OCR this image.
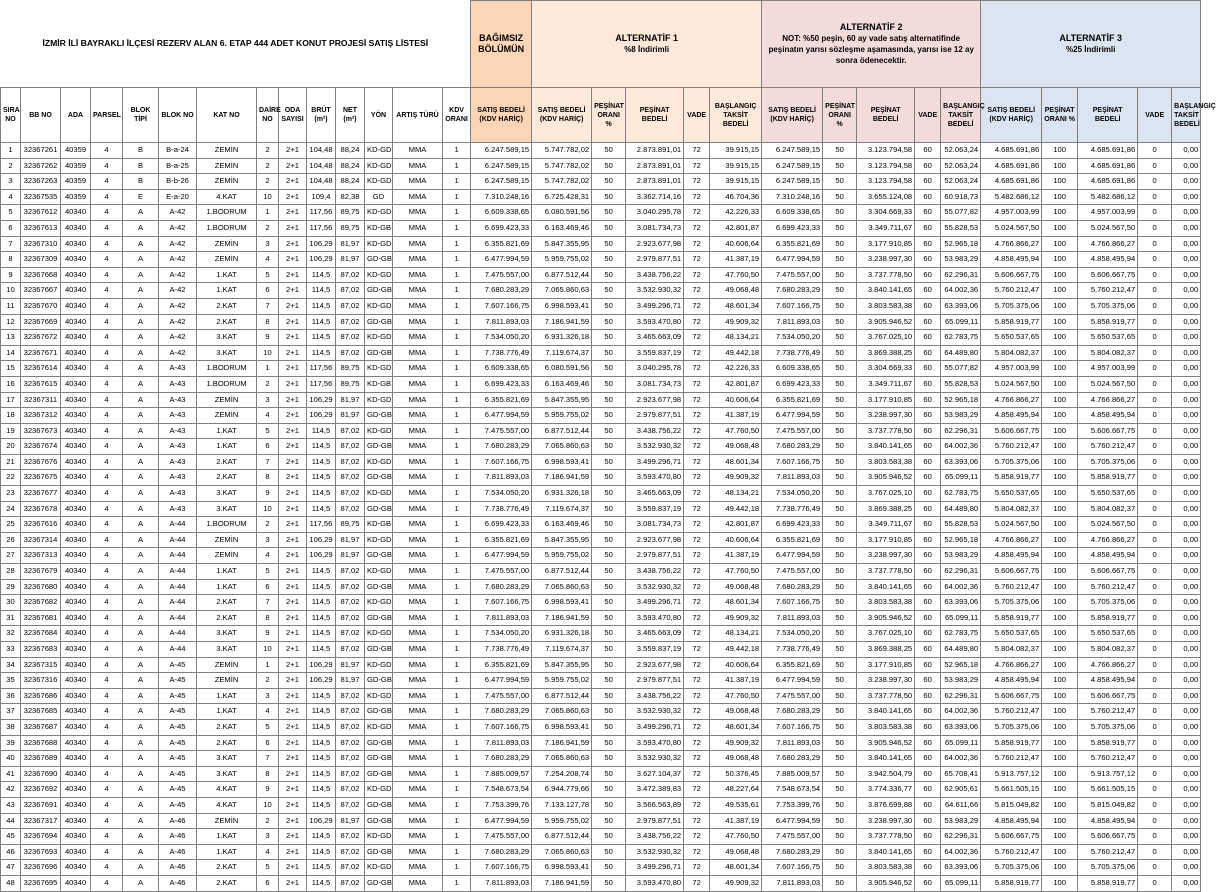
İZMİR İLİ BAYRAKLI İLÇESİ REZERV ALAN 6. ETAP 444 ADET KONUT PROJESİ SATIŞ LİSTESİ														BAĞIMSIZ BÖLÜMÜN	ALTERNATİF 1
%8 İndirimli					ALTERNATİF 2
NOT: %50 peşin, 60 ay vade satış alternatifinde peşinatın yarısı sözleşme aşamasında, yarısı ise 12 ay sonra ödenecektir.					ALTERNATİF 3
%25 İndirimli				

SIRA NO	BB NO	ADA	PARSEL	BLOK TİPİ	BLOK NO	KAT NO	DAİRE NO	ODA SAYISI	BRÜT (m²)	NET (m²)	YÖN	ARTIŞ TÜRÜ	KDV ORANI	SATIŞ BEDELİ (KDV HARİÇ)	SATIŞ BEDELİ (KDV HARİÇ)	PEŞİNAT ORANI %	PEŞİNAT BEDELİ	VADE	BAŞLANGIÇ TAKSİT BEDELİ	SATIŞ BEDELİ (KDV HARİÇ)	PEŞİNAT ORANI %	PEŞİNAT BEDELİ	VADE	BAŞLANGIÇ TAKSİT BEDELİ	SATIŞ BEDELİ (KDV HARİÇ)	PEŞİNAT ORANI %	PEŞİNAT BEDELİ	VADE	BAŞLANGIÇ TAKSİT BEDELİ
1	32367261	40359	4	B	B-a-24	ZEMİN	2	2+1	104,48	88,24	KD-GD	MMA	1	6.247.589,15	5.747.782,02	50	2.873.891,01	72	39.915,15	6.247.589,15	50	3.123.794,58	60	52.063,24	4.685.691,86	100	4.685.691,86	0	0,00
2	32367262	40359	4	B	B-a-25	ZEMİN	2	2+1	104,48	88,24	KD-GD	MMA	1	6.247.589,15	5.747.782,02	50	2.873.891,01	72	39.915,15	6.247.589,15	50	3.123.794,58	60	52.063,24	4.685.691,86	100	4.685.691,86	0	0,00
3	32367263	40359	4	B	B-b-26	ZEMİN	2	2+1	104,48	88,24	KD-GD	MMA	1	6.247.589,15	5.747.782,02	50	2.873.891,01	72	39.915,15	6.247.589,15	50	3.123.794,58	60	52.063,24	4.685.691,86	100	4.685.691,86	0	0,00
4	32367535	40359	4	E	E-a-20	4.KAT	10	2+1	109,4	82,38	GD	MMA	1	7.310.248,16	6.725.428,31	50	3.362.714,16	72	46.704,36	7.310.248,16	50	3.655.124,08	60	60.918,73	5.482.686,12	100	5.482.686,12	0	0,00
5	32367612	40340	4	A	A-42	1.BODRUM	1	2+1	117,56	89,75	KD-GD	MMA	1	6.609.338,65	6.080.591,56	50	3.040.295,78	72	42.226,33	6.609.338,65	50	3.304.669,33	60	55.077,82	4.957.003,99	100	4.957.003,99	0	0,00
6	32367613	40340	4	A	A-42	1.BODRUM	2	2+1	117,56	89,75	KD-GB	MMA	1	6.699.423,33	6.163.469,46	50	3.081.734,73	72	42.801,87	6.699.423,33	50	3.349.711,67	60	55.828,53	5.024.567,50	100	5.024.567,50	0	0,00
7	32367310	40340	4	A	A-42	ZEMİN	3	2+1	106,29	81,97	KD-GD	MMA	1	6.355.821,69	5.847.355,95	50	2.923.677,98	72	40.606,64	6.355.821,69	50	3.177.910,85	60	52.965,18	4.766.866,27	100	4.766.866,27	0	0,00
8	32367309	40340	4	A	A-42	ZEMİN	4	2+1	106,29	81,97	GD-GB	MMA	1	6.477.994,59	5.959.755,02	50	2.979.877,51	72	41.387,19	6.477.994,59	50	3.238.997,30	60	53.983,29	4.858.495,94	100	4.858.495,94	0	0,00
9	32367668	40340	4	A	A-42	1.KAT	5	2+1	114,5	87,02	KD-GD	MMA	1	7.475.557,00	6.877.512,44	50	3.438.756,22	72	47.760,50	7.475.557,00	50	3.737.778,50	60	62.296,31	5.606.667,75	100	5.606.667,75	0	0,00
10	32367667	40340	4	A	A-42	1.KAT	6	2+1	114,5	87,02	GD-GB	MMA	1	7.680.283,29	7.065.860,63	50	3.532.930,32	72	49.068,48	7.680.283,29	50	3.840.141,65	60	64.002,36	5.760.212,47	100	5.760.212,47	0	0,00
11	32367670	40340	4	A	A-42	2.KAT	7	2+1	114,5	87,02	KD-GD	MMA	1	7.607.166,75	6.998.593,41	50	3.499.296,71	72	48.601,34	7.607.166,75	50	3.803.583,38	60	63.393,06	5.705.375,06	100	5.705.375,06	0	0,00
12	32367669	40340	4	A	A-42	2.KAT	8	2+1	114,5	87,02	GD-GB	MMA	1	7.811.893,03	7.186.941,59	50	3.593.470,80	72	49.909,32	7.811.893,03	50	3.905.946,52	60	65.099,11	5.858.919,77	100	5.858.919,77	0	0,00
13	32367672	40340	4	A	A-42	3.KAT	9	2+1	114,5	87,02	KD-GD	MMA	1	7.534.050,20	6.931.326,18	50	3.465.663,09	72	48.134,21	7.534.050,20	50	3.767.025,10	60	62.783,75	5.650.537,65	100	5.650.537,65	0	0,00
14	32367671	40340	4	A	A-42	3.KAT	10	2+1	114,5	87,02	GD-GB	MMA	1	7.738.776,49	7.119.674,37	50	3.559.837,19	72	49.442,18	7.738.776,49	50	3.869.388,25	60	64.489,80	5.804.082,37	100	5.804.082,37	0	0,00
15	32367614	40340	4	A	A-43	1.BODRUM	1	2+1	117,56	89,75	KD-GD	MMA	1	6.609.338,65	6.080.591,56	50	3.040.295,78	72	42.226,33	6.609.338,65	50	3.304.669,33	60	55.077,82	4.957.003,99	100	4.957.003,99	0	0,00
16	32367615	40340	4	A	A-43	1.BODRUM	2	2+1	117,56	89,75	KD-GB	MMA	1	6.699.423,33	6.163.469,46	50	3.081.734,73	72	42.801,87	6.699.423,33	50	3.349.711,67	60	55.828,53	5.024.567,50	100	5.024.567,50	0	0,00
17	32367311	40340	4	A	A-43	ZEMİN	3	2+1	106,29	81,97	KD-GD	MMA	1	6.355.821,69	5.847.355,95	50	2.923.677,98	72	40.606,64	6.355.821,69	50	3.177.910,85	60	52.965,18	4.766.866,27	100	4.766.866,27	0	0,00
18	32367312	40340	4	A	A-43	ZEMİN	4	2+1	106,29	81,97	GD-GB	MMA	1	6.477.994,59	5.959.755,02	50	2.979.877,51	72	41.387,19	6.477.994,59	50	3.238.997,30	60	53.983,29	4.858.495,94	100	4.858.495,94	0	0,00
19	32367673	40340	4	A	A-43	1.KAT	5	2+1	114,5	87,02	KD-GD	MMA	1	7.475.557,00	6.877.512,44	50	3.438.756,22	72	47.760,50	7.475.557,00	50	3.737.778,50	60	62.296,31	5.606.667,75	100	5.606.667,75	0	0,00
20	32367674	40340	4	A	A-43	1.KAT	6	2+1	114,5	87,02	GD-GB	MMA	1	7.680.283,29	7.065.860,63	50	3.532.930,32	72	49.068,48	7.680.283,29	50	3.840.141,65	60	64.002,36	5.760.212,47	100	5.760.212,47	0	0,00
21	32367676	40340	4	A	A-43	2.KAT	7	2+1	114,5	87,02	KD-GD	MMA	1	7.607.166,75	6.998.593,41	50	3.499.296,71	72	48.601,34	7.607.166,75	50	3.803.583,38	60	63.393,06	5.705.375,06	100	5.705.375,06	0	0,00
22	32367675	40340	4	A	A-43	2.KAT	8	2+1	114,5	87,02	GD-GB	MMA	1	7.811.893,03	7.186.941,59	50	3.593.470,80	72	49.909,32	7.811.893,03	50	3.905.946,52	60	65.099,11	5.858.919,77	100	5.858.919,77	0	0,00
23	32367677	40340	4	A	A-43	3.KAT	9	2+1	114,5	87,02	KD-GD	MMA	1	7.534.050,20	6.931.326,18	50	3.465.663,09	72	48.134,21	7.534.050,20	50	3.767.025,10	60	62.783,75	5.650.537,65	100	5.650.537,65	0	0,00
24	32367678	40340	4	A	A-43	3.KAT	10	2+1	114,5	87,02	GD-GB	MMA	1	7.738.776,49	7.119.674,37	50	3.559.837,19	72	49.442,18	7.738.776,49	50	3.869.388,25	60	64.489,80	5.804.082,37	100	5.804.082,37	0	0,00
25	32367616	40340	4	A	A-44	1.BODRUM	2	2+1	117,56	89,75	KD-GB	MMA	1	6.699.423,33	6.163.469,46	50	3.081.734,73	72	42.801,87	6.699.423,33	50	3.349.711,67	60	55.828,53	5.024.567,50	100	5.024.567,50	0	0,00
26	32367314	40340	4	A	A-44	ZEMİN	3	2+1	106,29	81,97	KD-GD	MMA	1	6.355.821,69	5.847.355,95	50	2.923.677,98	72	40.606,64	6.355.821,69	50	3.177.910,85	60	52.965,18	4.766.866,27	100	4.766.866,27	0	0,00
27	32367313	40340	4	A	A-44	ZEMİN	4	2+1	106,29	81,97	GD-GB	MMA	1	6.477.994,59	5.959.755,02	50	2.979.877,51	72	41.387,19	6.477.994,59	50	3.238.997,30	60	53.983,29	4.858.495,94	100	4.858.495,94	0	0,00
28	32367679	40340	4	A	A-44	1.KAT	5	2+1	114,5	87,02	KD-GD	MMA	1	7.475.557,00	6.877.512,44	50	3.438.756,22	72	47.760,50	7.475.557,00	50	3.737.778,50	60	62.296,31	5.606.667,75	100	5.606.667,75	0	0,00
29	32367680	40340	4	A	A-44	1.KAT	6	2+1	114,5	87,02	GD-GB	MMA	1	7.680.283,29	7.065.860,63	50	3.532.930,32	72	49.068,48	7.680.283,29	50	3.840.141,65	60	64.002,36	5.760.212,47	100	5.760.212,47	0	0,00
30	32367682	40340	4	A	A-44	2.KAT	7	2+1	114,5	87,02	KD-GD	MMA	1	7.607.166,75	6.998.593,41	50	3.499.296,71	72	48.601,34	7.607.166,75	50	3.803.583,38	60	63.393,06	5.705.375,06	100	5.705.375,06	0	0,00
31	32367681	40340	4	A	A-44	2.KAT	8	2+1	114,5	87,02	GD-GB	MMA	1	7.811.893,03	7.186.941,59	50	3.593.470,80	72	49.909,32	7.811.893,03	50	3.905.946,52	60	65.099,11	5.858.919,77	100	5.858.919,77	0	0,00
32	32367684	40340	4	A	A-44	3.KAT	9	2+1	114,5	87,02	KD-GD	MMA	1	7.534.050,20	6.931.326,18	50	3.465.663,09	72	48.134,21	7.534.050,20	50	3.767.025,10	60	62.783,75	5.650.537,65	100	5.650.537,65	0	0,00
33	32367683	40340	4	A	A-44	3.KAT	10	2+1	114,5	87,02	GD-GB	MMA	1	7.738.776,49	7.119.674,37	50	3.559.837,19	72	49.442,18	7.738.776,49	50	3.869.388,25	60	64.489,80	5.804.082,37	100	5.804.082,37	0	0,00
34	32367315	40340	4	A	A-45	ZEMİN	1	2+1	106,29	81,97	KD-GD	MMA	1	6.355.821,69	5.847.355,95	50	2.923.677,98	72	40.606,64	6.355.821,69	50	3.177.910,85	60	52.965,18	4.766.866,27	100	4.766.866,27	0	0,00
35	32367316	40340	4	A	A-45	ZEMİN	2	2+1	106,29	81,97	GD-GB	MMA	1	6.477.994,59	5.959.755,02	50	2.979.877,51	72	41.387,19	6.477.994,59	50	3.238.997,30	60	53.983,29	4.858.495,94	100	4.858.495,94	0	0,00
36	32367686	40340	4	A	A-45	1.KAT	3	2+1	114,5	87,02	KD-GD	MMA	1	7.475.557,00	6.877.512,44	50	3.438.756,22	72	47.760,50	7.475.557,00	50	3.737.778,50	60	62.296,31	5.606.667,75	100	5.606.667,75	0	0,00
37	32367685	40340	4	A	A-45	1.KAT	4	2+1	114,5	87,02	GD-GB	MMA	1	7.680.283,29	7.065.860,63	50	3.532.930,32	72	49.068,48	7.680.283,29	50	3.840.141,65	60	64.002,36	5.760.212,47	100	5.760.212,47	0	0,00
38	32367687	40340	4	A	A-45	2.KAT	5	2+1	114,5	87,02	KD-GD	MMA	1	7.607.166,75	6.998.593,41	50	3.499.296,71	72	48.601,34	7.607.166,75	50	3.803.583,38	60	63.393,06	5.705.375,06	100	5.705.375,06	0	0,00
39	32367688	40340	4	A	A-45	2.KAT	6	2+1	114,5	87,02	GD-GB	MMA	1	7.811.893,03	7.186.941,59	50	3.593.470,80	72	49.909,32	7.811.893,03	50	3.905.946,52	60	65.099,11	5.858.919,77	100	5.858.919,77	0	0,00
40	32367689	40340	4	A	A-45	3.KAT	7	2+1	114,5	87,02	GD-GB	MMA	1	7.680.283,29	7.065.860,63	50	3.532.930,32	72	49.068,48	7.680.283,29	50	3.840.141,65	60	64.002,36	5.760.212,47	100	5.760.212,47	0	0,00
41	32367690	40340	4	A	A-45	3.KAT	8	2+1	114,5	87,02	GD-GB	MMA	1	7.885.009,57	7.254.208,74	50	3.627.104,37	72	50.376,45	7.885.009,57	50	3.942.504,79	60	65.708,41	5.913.757,12	100	5.913.757,12	0	0,00
42	32367692	40340	4	A	A-45	4.KAT	9	2+1	114,5	87,02	KD-GD	MMA	1	7.548.673,54	6.944.779,66	50	3.472.389,83	72	48.227,64	7.548.673,54	50	3.774.336,77	60	62.905,61	5.661.505,15	100	5.661.505,15	0	0,00
43	32367691	40340	4	A	A-45	4.KAT	10	2+1	114,5	87,02	GD-GB	MMA	1	7.753.399,76	7.133.127,78	50	3.566.563,89	72	49.535,61	7.753.399,76	50	3.876.699,88	60	64.611,66	5.815.049,82	100	5.815.049,82	0	0,00
44	32367317	40340	4	A	A-46	ZEMİN	2	2+1	106,29	81,97	GD-GB	MMA	1	6.477.994,59	5.959.755,02	50	2.979.877,51	72	41.387,19	6.477.994,59	50	3.238.997,30	60	53.983,29	4.858.495,94	100	4.858.495,94	0	0,00
45	32367694	40340	4	A	A-46	1.KAT	3	2+1	114,5	87,02	KD-GD	MMA	1	7.475.557,00	6.877.512,44	50	3.438.756,22	72	47.760,50	7.475.557,00	50	3.737.778,50	60	62.296,31	5.606.667,75	100	5.606.667,75	0	0,00
46	32367693	40340	4	A	A-46	1.KAT	4	2+1	114,5	87,02	GD-GB	MMA	1	7.680.283,29	7.065.860,63	50	3.532.930,32	72	49.068,48	7.680.283,29	50	3.840.141,65	60	64.002,36	5.760.212,47	100	5.760.212,47	0	0,00
47	32367696	40340	4	A	A-46	2.KAT	5	2+1	114,5	87,02	KD-GD	MMA	1	7.607.166,75	6.998.593,41	50	3.499.296,71	72	48.601,34	7.607.166,75	50	3.803.583,38	60	63.393,06	5.705.375,06	100	5.705.375,06	0	0,00
48	32367695	40340	4	A	A-46	2.KAT	6	2+1	114,5	87,02	GD-GB	MMA	1	7.811.893,03	7.186.941,59	50	3.593.470,80	72	49.909,32	7.811.893,03	50	3.905.946,52	60	65.099,11	5.858.919,77	100	5.858.919,77	0	0,00
